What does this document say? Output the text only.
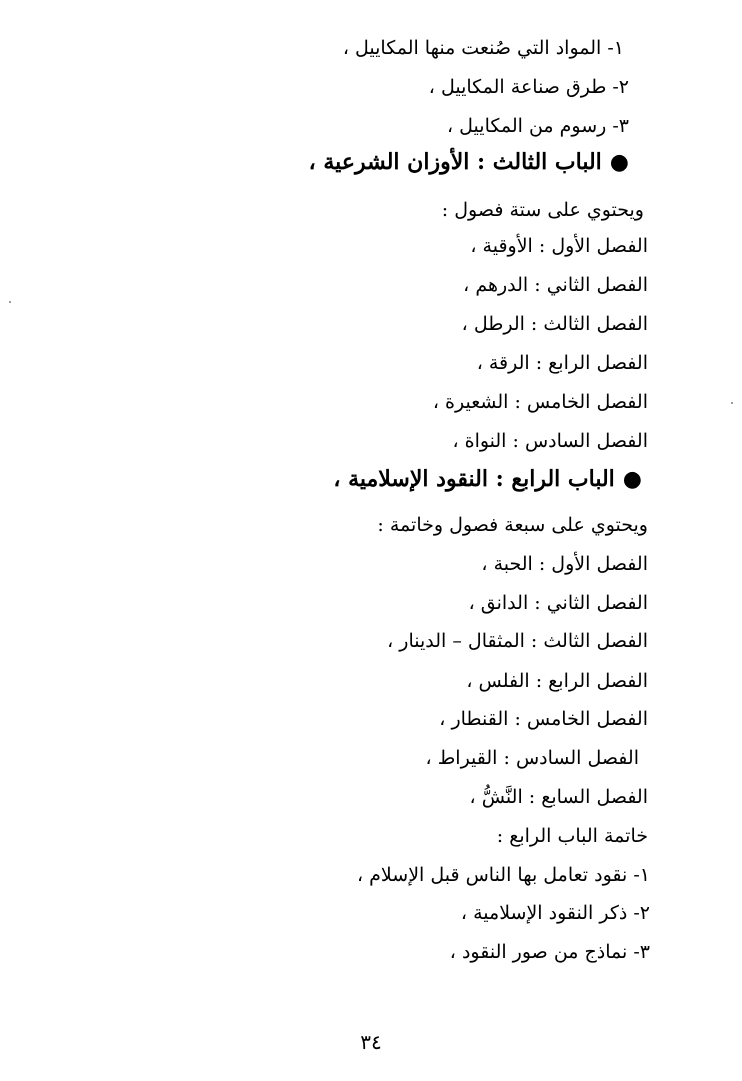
١- المواد التي صُنعت منها المكاييل ،
٢- طرق صناعة المكاييل ،
٣- رسوم من المكاييل ،
●الباب الثالث : الأوزان الشرعية ،
ويحتوي على ستة فصول :
الفصل الأول : الأوقية ،
الفصل الثاني : الدرهم ،
الفصل الثالث : الرطل ،
الفصل الرابع : الرقة ،
الفصل الخامس : الشعيرة ،
الفصل السادس : النواة ،
●الباب الرابع : النقود الإسلامية ،
ويحتوي على سبعة فصول وخاتمة :
الفصل الأول : الحبة ،
الفصل الثاني : الدانق ،
الفصل الثالث : المثقال – الدينار ،
الفصل الرابع : الفلس ،
الفصل الخامس : القنطار ،
الفصل السادس : القيراط ،
الفصل السابع : النَّشُّ ،
خاتمة الباب الرابع :
١- نقود تعامل بها الناس قبل الإسلام ،
٢- ذكر النقود الإسلامية ،
٣- نماذج من صور النقود ،
٣٤
